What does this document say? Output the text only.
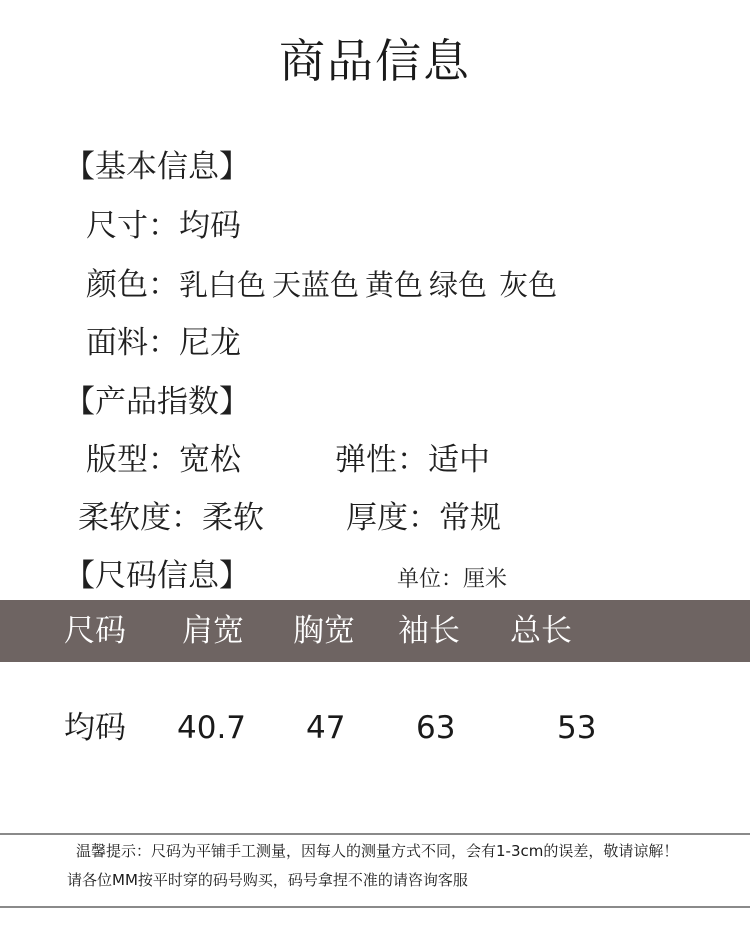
商品信息
【基本信息】
尺寸：均码
颜色：乳白色 天蓝色 黄色 绿色 灰色
面料：尼龙
【产品指数】
版型：宽松	弹性：适中
柔软度：柔软	厚度：常规
【尺码信息】	单位：厘米
尺码 肩宽 胸宽 袖长 总长
均码 40.7 47 63	53
温馨提示：尺码为平铺手工测量，因每人的测量方式不同，会有1-3cm的误差，敬请谅解！
请各位MM按平时穿的码号购买，码号拿捏不准的请咨询客服
